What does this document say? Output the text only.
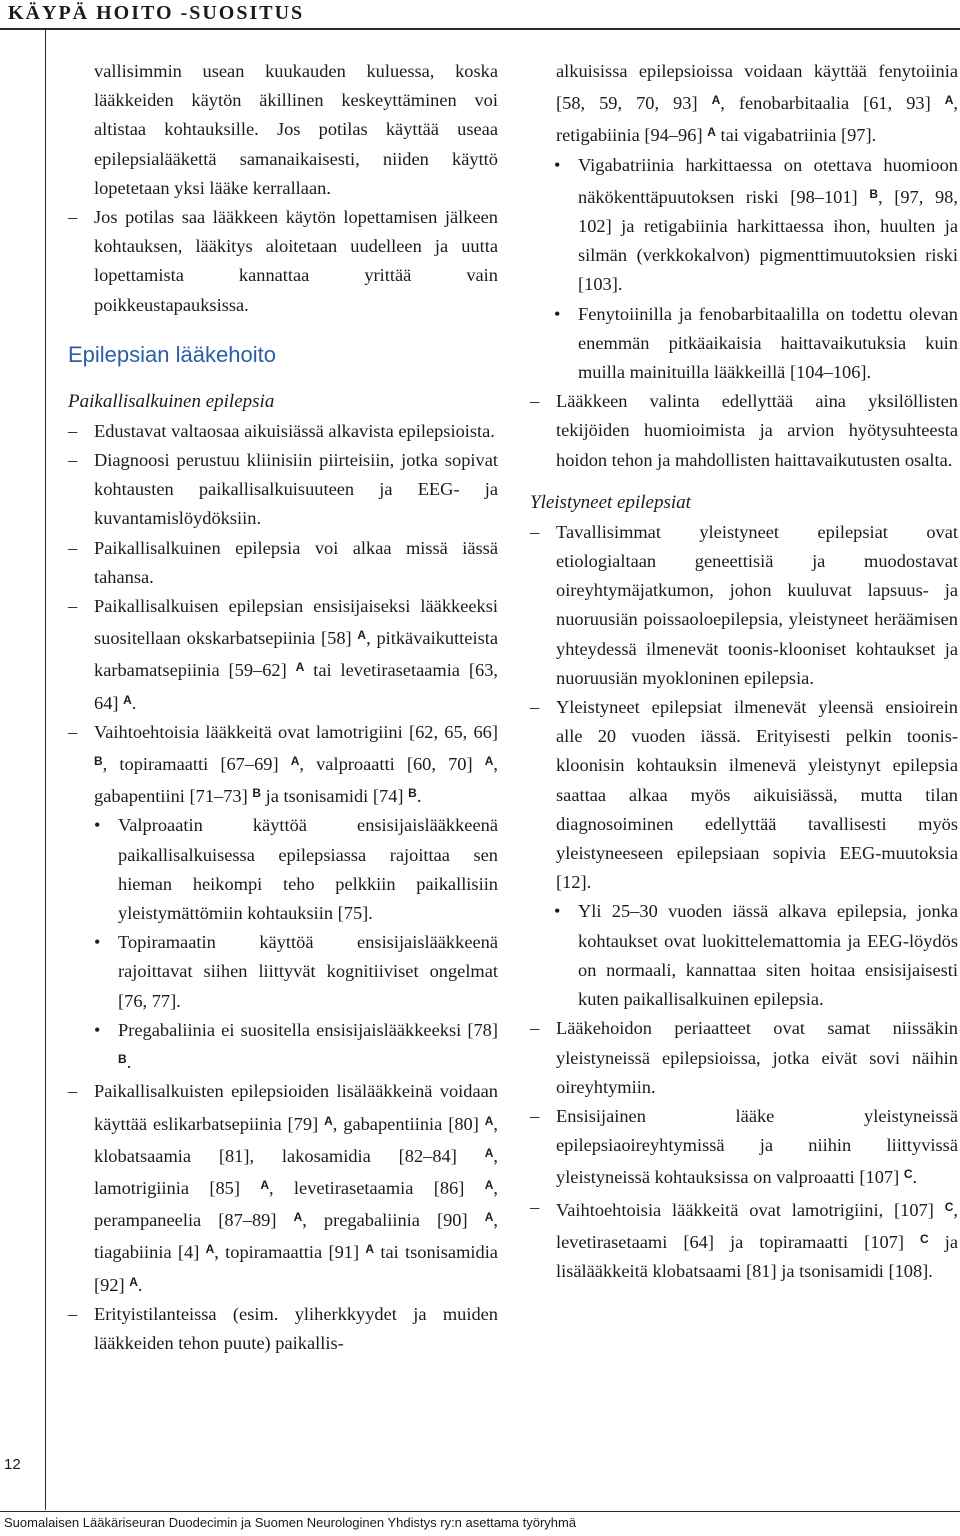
KÄYPÄ HOITO -SUOSITUS
12
Suomalaisen Lääkäriseuran Duodecimin ja Suomen Neurologinen Yhdistys ry:n asettama työryhmä
vallisimmin usean kuukauden kuluessa, koska lääkkeiden käytön äkillinen keskeyttäminen voi altistaa kohtauksille. Jos potilas käyttää useaa epilepsialääkettä samanaikaisesti, niiden käyttö lopetetaan yksi lääke kerrallaan.
– Jos potilas saa lääkkeen käytön lopettamisen jälkeen kohtauksen, lääkitys aloitetaan uudelleen ja uutta lopettamista kannattaa yrittää vain poikkeustapauksissa.
Epilepsian lääkehoito
Paikallisalkuinen epilepsia
– Edustavat valtaosaa aikuisiässä alkavista epilepsioista.
– Diagnoosi perustuu kliinisiin piirteisiin, jotka sopivat kohtausten paikallisalkuisuuteen ja EEG- ja kuvantamislöydöksiin.
– Paikallisalkuinen epilepsia voi alkaa missä iässä tahansa.
– Paikallisalkuisen epilepsian ensisijaiseksi lääkkeeksi suositellaan okskarbatsepiinia [58] $^A$, pitkävaikutteista karbamatsepiinia [59–62] $^A$ tai levetirasetaamia [63, 64] $^A$.
– Vaihtoehtoisia lääkkeitä ovat lamotrigiini [62, 65, 66] $^B$, topiramaatti [67–69] $^A$, valproaatti [60, 70] $^A$, gabapentiini [71–73] $^B$ ja tsonisamidi [74] $^B$.
• Valproaatin käyttöä ensisijaislääkkeenä paikallisalkuisessa epilepsiassa rajoittaa sen hieman heikompi teho pelkkiin paikallisiin yleistymättömiin kohtauksiin [75].
• Topiramaatin käyttöä ensisijaislääkkeenä rajoittavat siihen liittyvät kognitiiviset ongelmat [76, 77].
• Pregabaliinia ei suositella ensisijaislääkkeeksi [78] $^B$.
– Paikallisalkuisten epilepsioiden lisälääkkeinä voidaan käyttää eslikarbatsepiinia [79] $^A$, gabapentiinia [80] $^A$, klobatsaamia [81], lakosamidia [82–84] $^A$, lamotrigiinia [85] $^A$, levetirasetaamia [86] $^A$, perampaneelia [87–89] $^A$, pregabaliinia [90] $^A$, tiagabiinia [4] $^A$, topiramaattia [91] $^A$ tai tsonisamidia [92] $^A$.
– Erityistilanteissa (esim. yliherkkyydet ja muiden lääkkeiden tehon puute) paikallis-
alkuisissa epilepsioissa voidaan käyttää fenytoiinia [58, 59, 70, 93] $^A$, fenobarbitaalia [61, 93] $^A$, retigabiinia [94–96] $^A$ tai vigabatriinia [97].
• Vigabatriinia harkittaessa on otettava huomioon näkökenttäpuutoksen riski [98–101] $^B$, [97, 98, 102] ja retigabiinia harkittaessa ihon, huulten ja silmän (verkkokalvon) pigmenttimuutoksien riski [103].
• Fenytoiinilla ja fenobarbitaalilla on todettu olevan enemmän pitkäaikaisia haittavaikutuksia kuin muilla mainituilla lääkkeillä [104–106].
– Lääkkeen valinta edellyttää aina yksilöllisten tekijöiden huomioimista ja arvion hyötysuhteesta hoidon tehon ja mahdollisten haittavaikutusten osalta.
Yleistyneet epilepsiat
– Tavallisimmat yleistyneet epilepsiat ovat etiologialtaan geneettisiä ja muodostavat oireyhtymäjatkumon, johon kuuluvat lapsuus- ja nuoruusiän poissaoloepilepsia, yleistyneet heräämisen yhteydessä ilmenevät toonis-klooniset kohtaukset ja nuoruusiän myokloninen epilepsia.
– Yleistyneet epilepsiat ilmenevät yleensä ensioirein alle 20 vuoden iässä. Erityisesti pelkin toonis-kloonisin kohtauksin ilmenevä yleistynyt epilepsia saattaa alkaa myös aikuisiässä, mutta tilan diagnosoiminen edellyttää tavallisesti myös yleistyneeseen epilepsiaan sopivia EEG-muutoksia [12].
• Yli 25–30 vuoden iässä alkava epilepsia, jonka kohtaukset ovat luokittelemattomia ja EEG-löydös on normaali, kannattaa siten hoitaa ensisijaisesti kuten paikallisalkuinen epilepsia.
– Lääkehoidon periaatteet ovat samat niissäkin yleistyneissä epilepsioissa, jotka eivät sovi näihin oireyhtymiin.
– Ensisijainen lääke yleistyneissä epilepsiaoireyhtymissä ja niihin liittyvissä yleistyneissä kohtauksissa on valproaatti [107] $^C$.
– Vaihtoehtoisia lääkkeitä ovat lamotrigiini, [107] $^C$, levetirasetaami [64] ja topiramaatti [107] $^C$ ja lisälääkkeitä klobatsaami [81] ja tsonisamidi [108].
